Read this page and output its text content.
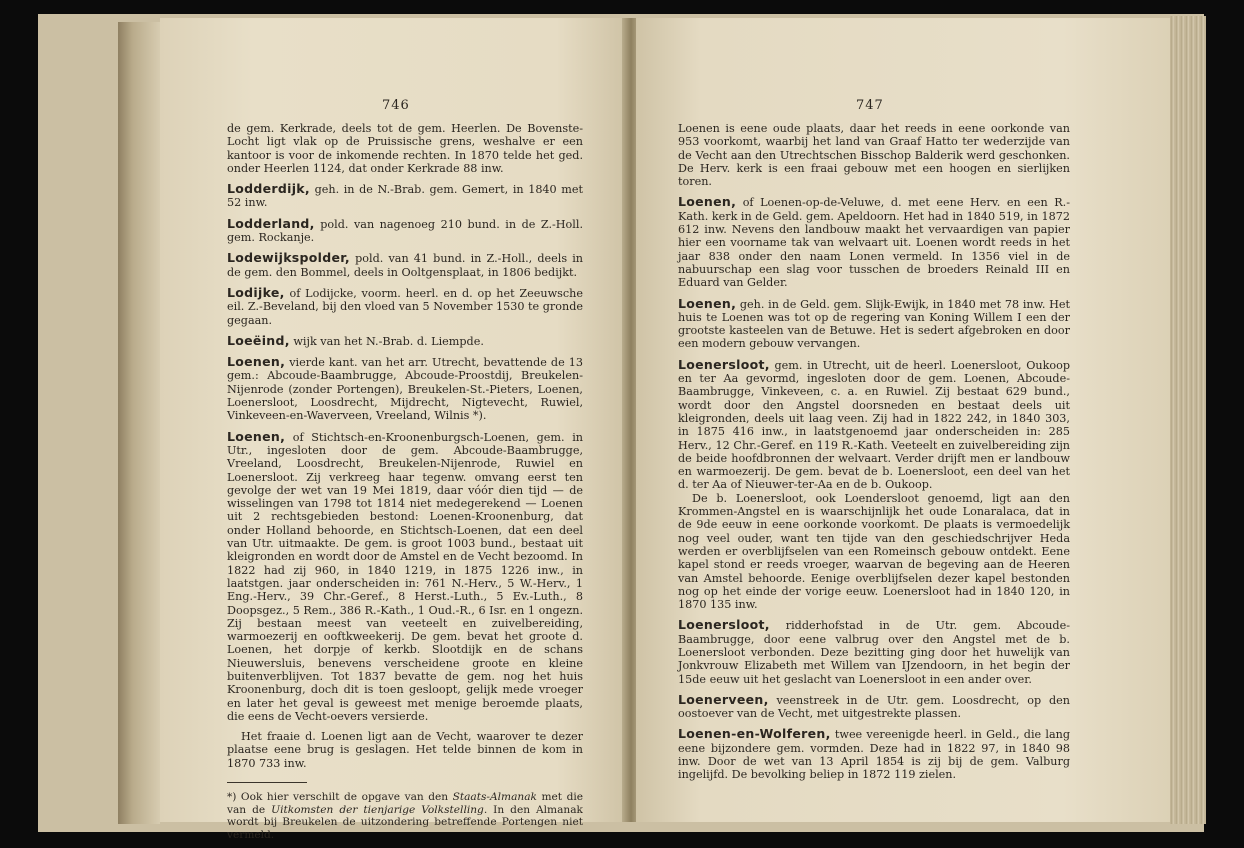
746

de gem. Kerkrade, deels tot de gem. Heerlen. De Bovenste-Locht ligt vlak op de Pruissische grens, weshalve er een kantoor is voor de inkomende rechten. In 1870 telde het ged. onder Heerlen 1124, dat onder Kerkrade 88 inw.

Lodderdijk, geh. in de N.-Brab. gem. Gemert, in 1840 met 52 inw.

Lodderland, pold. van nagenoeg 210 bund. in de Z.-Holl. gem. Rockanje.

Lodewijkspolder, pold. van 41 bund. in Z.-Holl., deels in de gem. den Bommel, deels in Ooltgensplaat, in 1806 bedijkt.

Lodijke, of Lodijcke, voorm. heerl. en d. op het Zeeuwsche eil. Z.-Beveland, bij den vloed van 5 November 1530 te gronde gegaan.

Loeëind, wijk van het N.-Brab. d. Liempde.

Loenen, vierde kant. van het arr. Utrecht, bevattende de 13 gem.: Abcoude-Baambrugge, Abcoude-Proostdij, Breukelen-Nijenrode (zonder Portengen), Breukelen-St.-Pieters, Loenen, Loenersloot, Loosdrecht, Mijdrecht, Nigtevecht, Ruwiel, Vinkeveen-en-Waverveen, Vreeland, Wilnis *).

Loenen, of Stichtsch-en-Kroonenburgsch-Loenen, gem. in Utr., ingesloten door de gem. Abcoude-Baambrugge, Vreeland, Loosdrecht, Breukelen-Nijenrode, Ruwiel en Loenersloot. Zij verkreeg haar tegenw. omvang eerst ten gevolge der wet van 19 Mei 1819, daar vóór dien tijd — de wisselingen van 1798 tot 1814 niet medegerekend — Loenen uit 2 rechtsgebieden bestond: Loenen-Kroonenburg, dat onder Holland behoorde, en Stichtsch-Loenen, dat een deel van Utr. uitmaakte. De gem. is groot 1003 bund., bestaat uit kleigronden en wordt door de Amstel en de Vecht bezoomd. In 1822 had zij 960, in 1840 1219, in 1875 1226 inw., in laatstgen. jaar onderscheiden in: 761 N.-Herv., 5 W.-Herv., 1 Eng.-Herv., 39 Chr.-Geref., 8 Herst.-Luth., 5 Ev.-Luth., 8 Doopsgez., 5 Rem., 386 R.-Kath., 1 Oud.-R., 6 Isr. en 1 ongezn. Zij bestaan meest van veeteelt en zuivelbereiding, warmoezerij en ooftkweekerij. De gem. bevat het groote d. Loenen, het dorpje of kerkb. Slootdijk en de schans Nieuwersluis, benevens verscheidene groote en kleine buitenverblijven. Tot 1837 bevatte de gem. nog het huis Kroonenburg, doch dit is toen gesloopt, gelijk mede vroeger en later het geval is geweest met menige beroemde plaats, die eens de Vecht-oevers versierde.

Het fraaie d. Loenen ligt aan de Vecht, waarover te dezer plaatse eene brug is geslagen. Het telde binnen de kom in 1870 733 inw.

*) Ook hier verschilt de opgave van den Staats-Almanak met die van de Uitkomsten der tienjarige Volkstelling. In den Almanak wordt bij Breukelen de uitzondering betreffende Portengen niet vermeld.

747

Loenen is eene oude plaats, daar het reeds in eene oorkonde van 953 voorkomt, waarbij het land van Graaf Hatto ter wederzijde van de Vecht aan den Utrechtschen Bisschop Balderik werd geschonken. De Herv. kerk is een fraai gebouw met een hoogen en sierlijken toren.

Loenen, of Loenen-op-de-Veluwe, d. met eene Herv. en een R.-Kath. kerk in de Geld. gem. Apeldoorn. Het had in 1840 519, in 1872 612 inw. Nevens den landbouw maakt het vervaardigen van papier hier een voorname tak van welvaart uit. Loenen wordt reeds in het jaar 838 onder den naam Lonen vermeld. In 1356 viel in de nabuurschap een slag voor tusschen de broeders Reinald III en Eduard van Gelder.

Loenen, geh. in de Geld. gem. Slijk-Ewijk, in 1840 met 78 inw. Het huis te Loenen was tot op de regering van Koning Willem I een der grootste kasteelen van de Betuwe. Het is sedert afgebroken en door een modern gebouw vervangen.

Loenersloot, gem. in Utrecht, uit de heerl. Loenersloot, Oukoop en ter Aa gevormd, ingesloten door de gem. Loenen, Abcoude-Baambrugge, Vinkeveen, c. a. en Ruwiel. Zij bestaat 629 bund., wordt door den Angstel doorsneden en bestaat deels uit kleigronden, deels uit laag veen. Zij had in 1822 242, in 1840 303, in 1875 416 inw., in laatstgenoemd jaar onderscheiden in: 285 Herv., 12 Chr.-Geref. en 119 R.-Kath. Veeteelt en zuivelbereiding zijn de beide hoofdbronnen der welvaart. Verder drijft men er landbouw en warmoezerij. De gem. bevat de b. Loenersloot, een deel van het d. ter Aa of Nieuwer-ter-Aa en de b. Oukoop.

De b. Loenersloot, ook Loendersloot genoemd, ligt aan den Krommen-Angstel en is waarschijnlijk het oude Lonaralaca, dat in de 9de eeuw in eene oorkonde voorkomt. De plaats is vermoedelijk nog veel ouder, want ten tijde van den geschiedschrijver Heda werden er overblijfselen van een Romeinsch gebouw ontdekt. Eene kapel stond er reeds vroeger, waarvan de begeving aan de Heeren van Amstel behoorde. Eenige overblijfselen dezer kapel bestonden nog op het einde der vorige eeuw. Loenersloot had in 1840 120, in 1870 135 inw.

Loenersloot, ridderhofstad in de Utr. gem. Abcoude-Baambrugge, door eene valbrug over den Angstel met de b. Loenersloot verbonden. Deze bezitting ging door het huwelijk van Jonkvrouw Elizabeth met Willem van IJzendoorn, in het begin der 15de eeuw uit het geslacht van Loenersloot in een ander over.

Loenerveen, veenstreek in de Utr. gem. Loosdrecht, op den oostoever van de Vecht, met uitgestrekte plassen.

Loenen-en-Wolferen, twee vereenigde heerl. in Geld., die lang eene bijzondere gem. vormden. Deze had in 1822 97, in 1840 98 inw. Door de wet van 13 April 1854 is zij bij de gem. Valburg ingelijfd. De bevolking beliep in 1872 119 zielen.
